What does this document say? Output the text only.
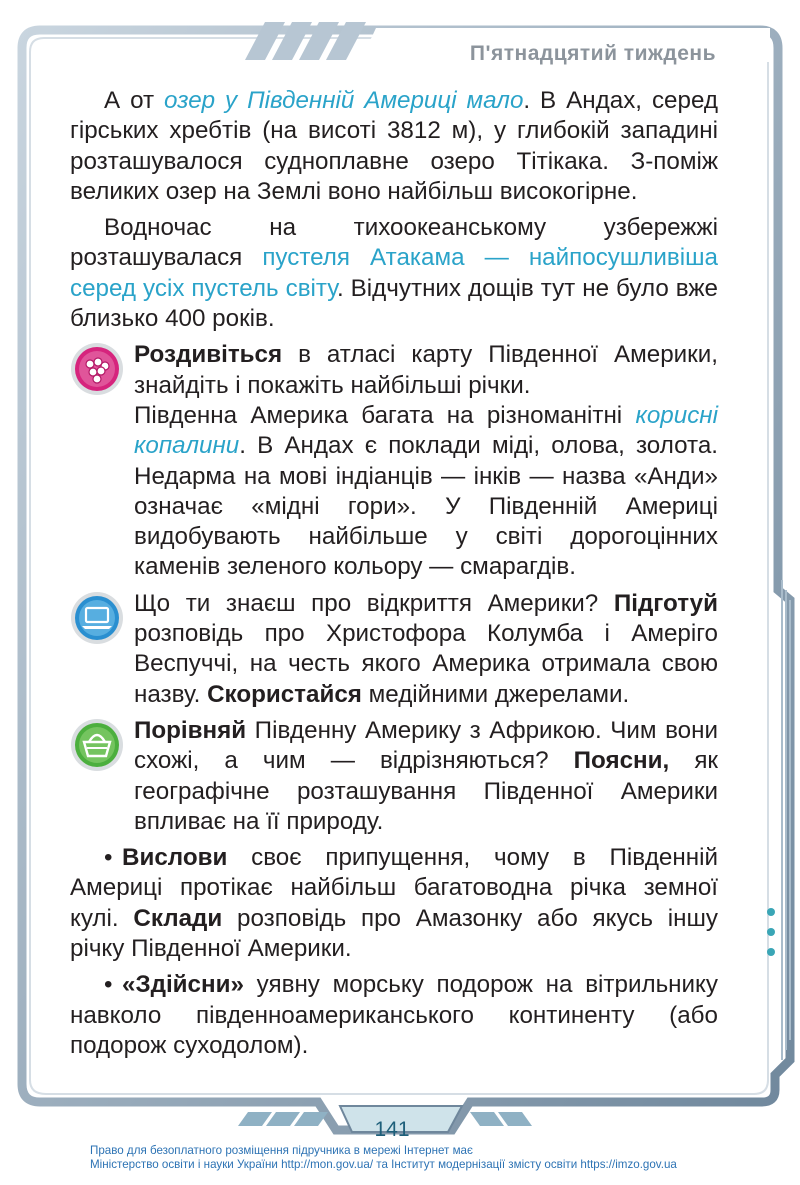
П'ятнадцятий тиждень

А от озер у Південній Америці мало. В Андах, серед гірських хребтів (на висоті 3812 м), у глибокій западині розташувалося судноплавне озеро Тітікака. З-поміж великих озер на Землі воно найбільш високогірне.

Водночас на тихоокеанському узбережжі розташувалася пустеля Атакама — найпосушливіша серед усіх пустель світу. Відчутних дощів тут не було вже близько 400 років.

Роздивіться в атласі карту Південної Америки, знайдіть і покажіть найбільші річки.

Південна Америка багата на різноманітні корисні копалини. В Андах є поклади міді, олова, золота. Недарма на мові індіанців — інків — назва «Анди» означає «мідні гори». У Південній Америці видобувають найбільше у світі дорогоцінних каменів зеленого кольору — смарагдів.

Що ти знаєш про відкриття Америки? Підготуй розповідь про Христофора Колумба і Амеріго Веспуччі, на честь якого Америка отримала свою назву. Скористайся медійними джерелами.

Порівняй Південну Америку з Африкою. Чим вони схожі, а чим — відрізняються? Поясни, як географічне розташування Південної Америки впливає на її природу.

• Вислови своє припущення, чому в Південній Америці протікає найбільш багатоводна річка земної кулі. Склади розповідь про Амазонку або якусь іншу річку Південної Америки.

• «Здійсни» уявну морську подорож на вітрильнику навколо південноамериканського континенту (або подорож суходолом).

141
Право для безоплатного розміщення підручника в мережі Інтернет має
Міністерство освіти і науки України http://mon.gov.ua/ та Інститут модернізації змісту освіти https://imzo.gov.ua
